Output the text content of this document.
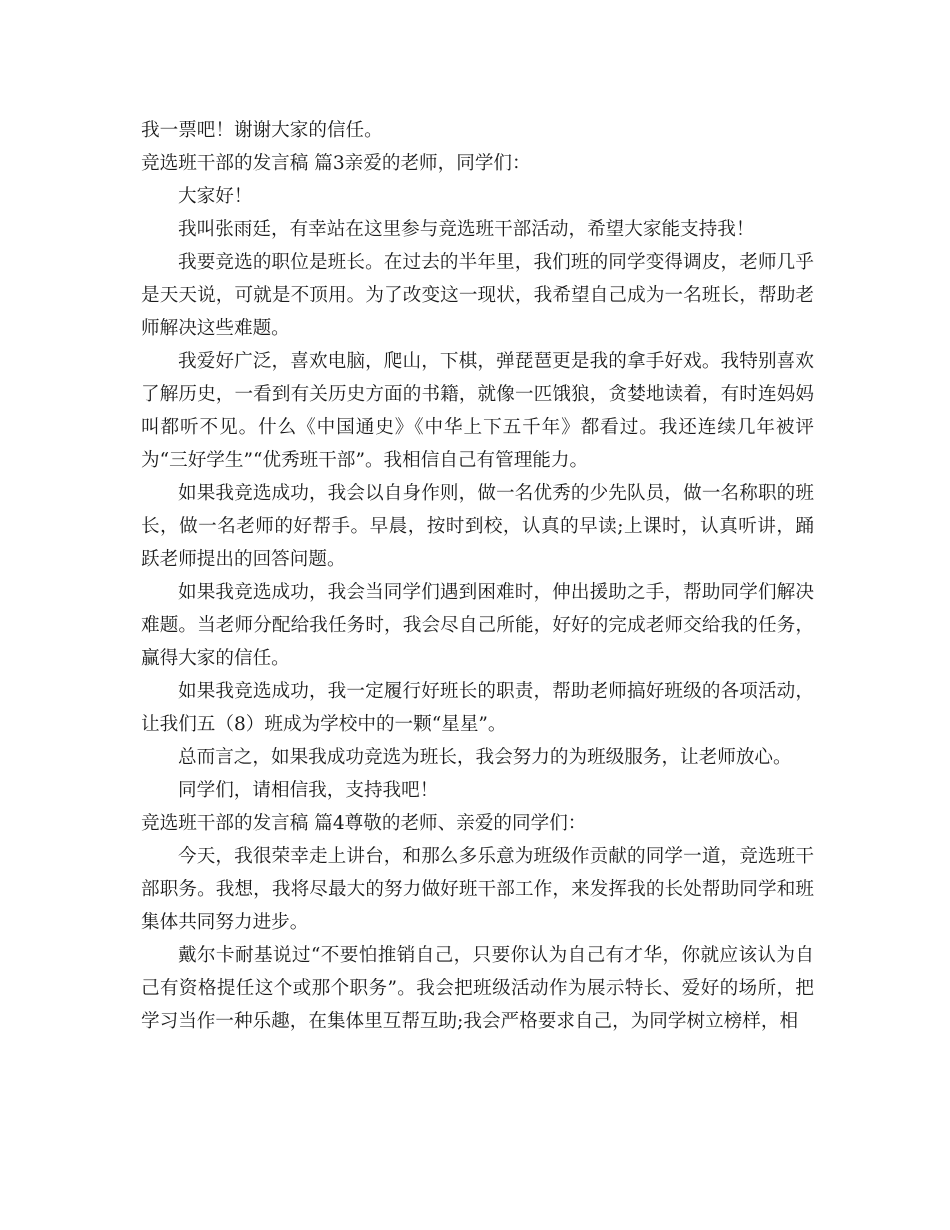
我一票吧！谢谢大家的信任。

竞选班干部的发言稿 篇3亲爱的老师，同学们：

大家好！

我叫张雨廷，有幸站在这里参与竞选班干部活动，希望大家能支持我！

我要竞选的职位是班长。在过去的半年里，我们班的同学变得调皮，老师几乎是天天说，可就是不顶用。为了改变这一现状，我希望自己成为一名班长，帮助老师解决这些难题。

我爱好广泛，喜欢电脑，爬山，下棋，弹琵琶更是我的拿手好戏。我特别喜欢了解历史，一看到有关历史方面的书籍，就像一匹饿狼，贪婪地读着，有时连妈妈叫都听不见。什么《中国通史》《中华上下五千年》都看过。我还连续几年被评为“三好学生”“优秀班干部”。我相信自己有管理能力。

如果我竞选成功，我会以自身作则，做一名优秀的少先队员，做一名称职的班长，做一名老师的好帮手。早晨，按时到校，认真的早读;上课时，认真听讲，踊跃老师提出的回答问题。

如果我竞选成功，我会当同学们遇到困难时，伸出援助之手，帮助同学们解决难题。当老师分配给我任务时，我会尽自己所能，好好的完成老师交给我的任务，赢得大家的信任。

如果我竞选成功，我一定履行好班长的职责，帮助老师搞好班级的各项活动，让我们五（8）班成为学校中的一颗“星星”。

总而言之，如果我成功竞选为班长，我会努力的为班级服务，让老师放心。

同学们，请相信我，支持我吧！

竞选班干部的发言稿 篇4尊敬的老师、亲爱的同学们：

今天，我很荣幸走上讲台，和那么多乐意为班级作贡献的同学一道，竞选班干部职务。我想，我将尽最大的努力做好班干部工作，来发挥我的长处帮助同学和班集体共同努力进步。

戴尔卡耐基说过“不要怕推销自己，只要你认为自己有才华，你就应该认为自己有资格提任这个或那个职务”。我会把班级活动作为展示特长、爱好的场所，把学习当作一种乐趣，在集体里互帮互助;我会严格要求自己，为同学树立榜样，相
